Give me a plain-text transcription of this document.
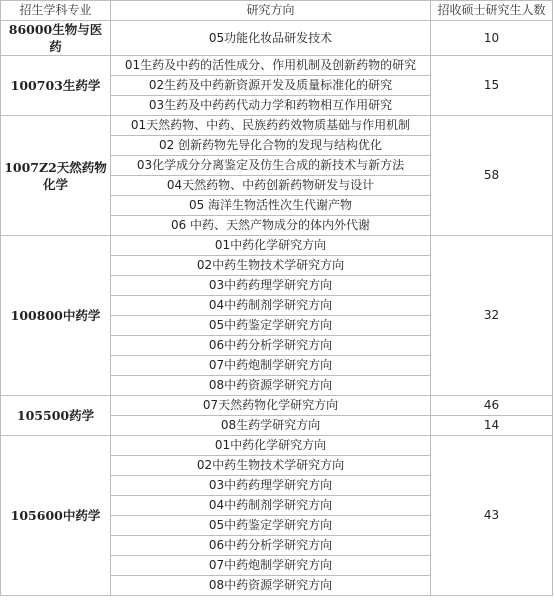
招生学科专业	研究方向	招收硕士研究生人数
86000生物与医药	05功能化妆品研发技术	10
100703生药学	01生药及中药的活性成分、作用机制及创新药物的研究	15
	02生药及中药新资源开发及质量标准化的研究	
	03生药及中药药代动力学和药物相互作用研究	
1007Z2天然药物化学	01天然药物、中药、民族药药效物质基础与作用机制	58
	02 创新药物先导化合物的发现与结构优化	
	03化学成分分离鉴定及仿生合成的新技术与新方法	
	04天然药物、中药创新药物研发与设计	
	05 海洋生物活性次生代谢产物	
	06 中药、天然产物成分的体内外代谢	
100800中药学	01中药化学研究方向	32
	02中药生物技术学研究方向	
	03中药药理学研究方向	
	04中药制剂学研究方向	
	05中药鉴定学研究方向	
	06中药分析学研究方向	
	07中药炮制学研究方向	
	08中药资源学研究方向	
105500药学	07天然药物化学研究方向	46
	08生药学研究方向	14
105600中药学	01中药化学研究方向	43
	02中药生物技术学研究方向	
	03中药药理学研究方向	
	04中药制剂学研究方向	
	05中药鉴定学研究方向	
	06中药分析学研究方向	
	07中药炮制学研究方向	
	08中药资源学研究方向	
